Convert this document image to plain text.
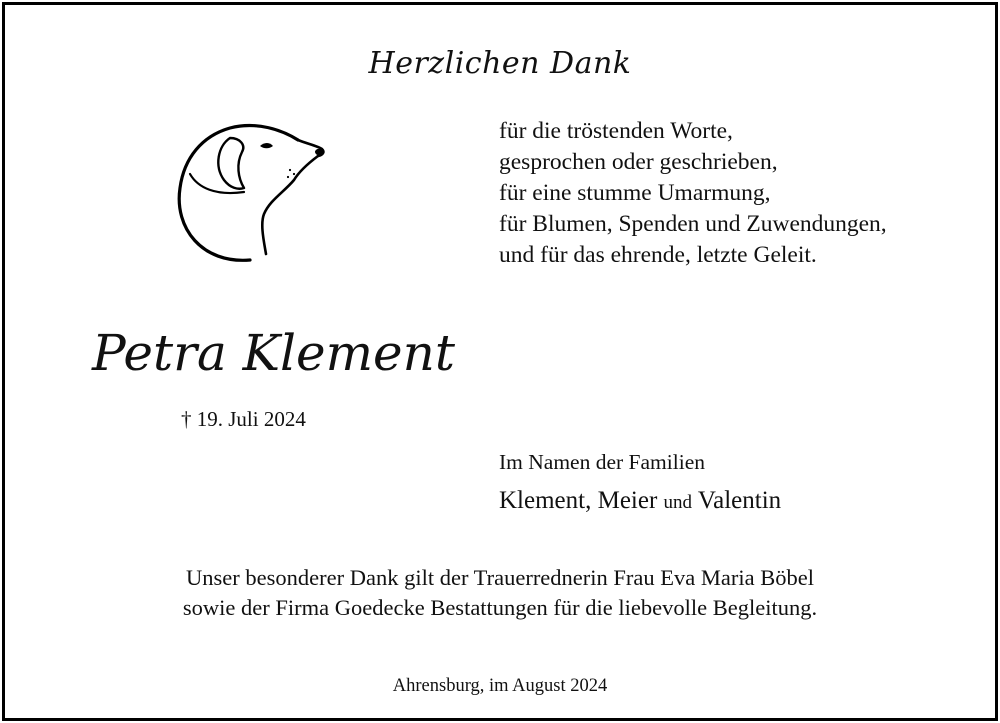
Herzlichen Dank
für die tröstenden Worte,
gesprochen oder geschrieben,
für eine stumme Umarmung,
für Blumen, Spenden und Zuwendungen,
und für das ehrende, letzte Geleit.
Petra Klement
† 19. Juli 2024
Im Namen der Familien
Klement, Meier und Valentin
Unser besonderer Dank gilt der Trauerrednerin Frau Eva Maria Böbel
sowie der Firma Goedecke Bestattungen für die liebevolle Begleitung.
Ahrensburg, im August 2024
